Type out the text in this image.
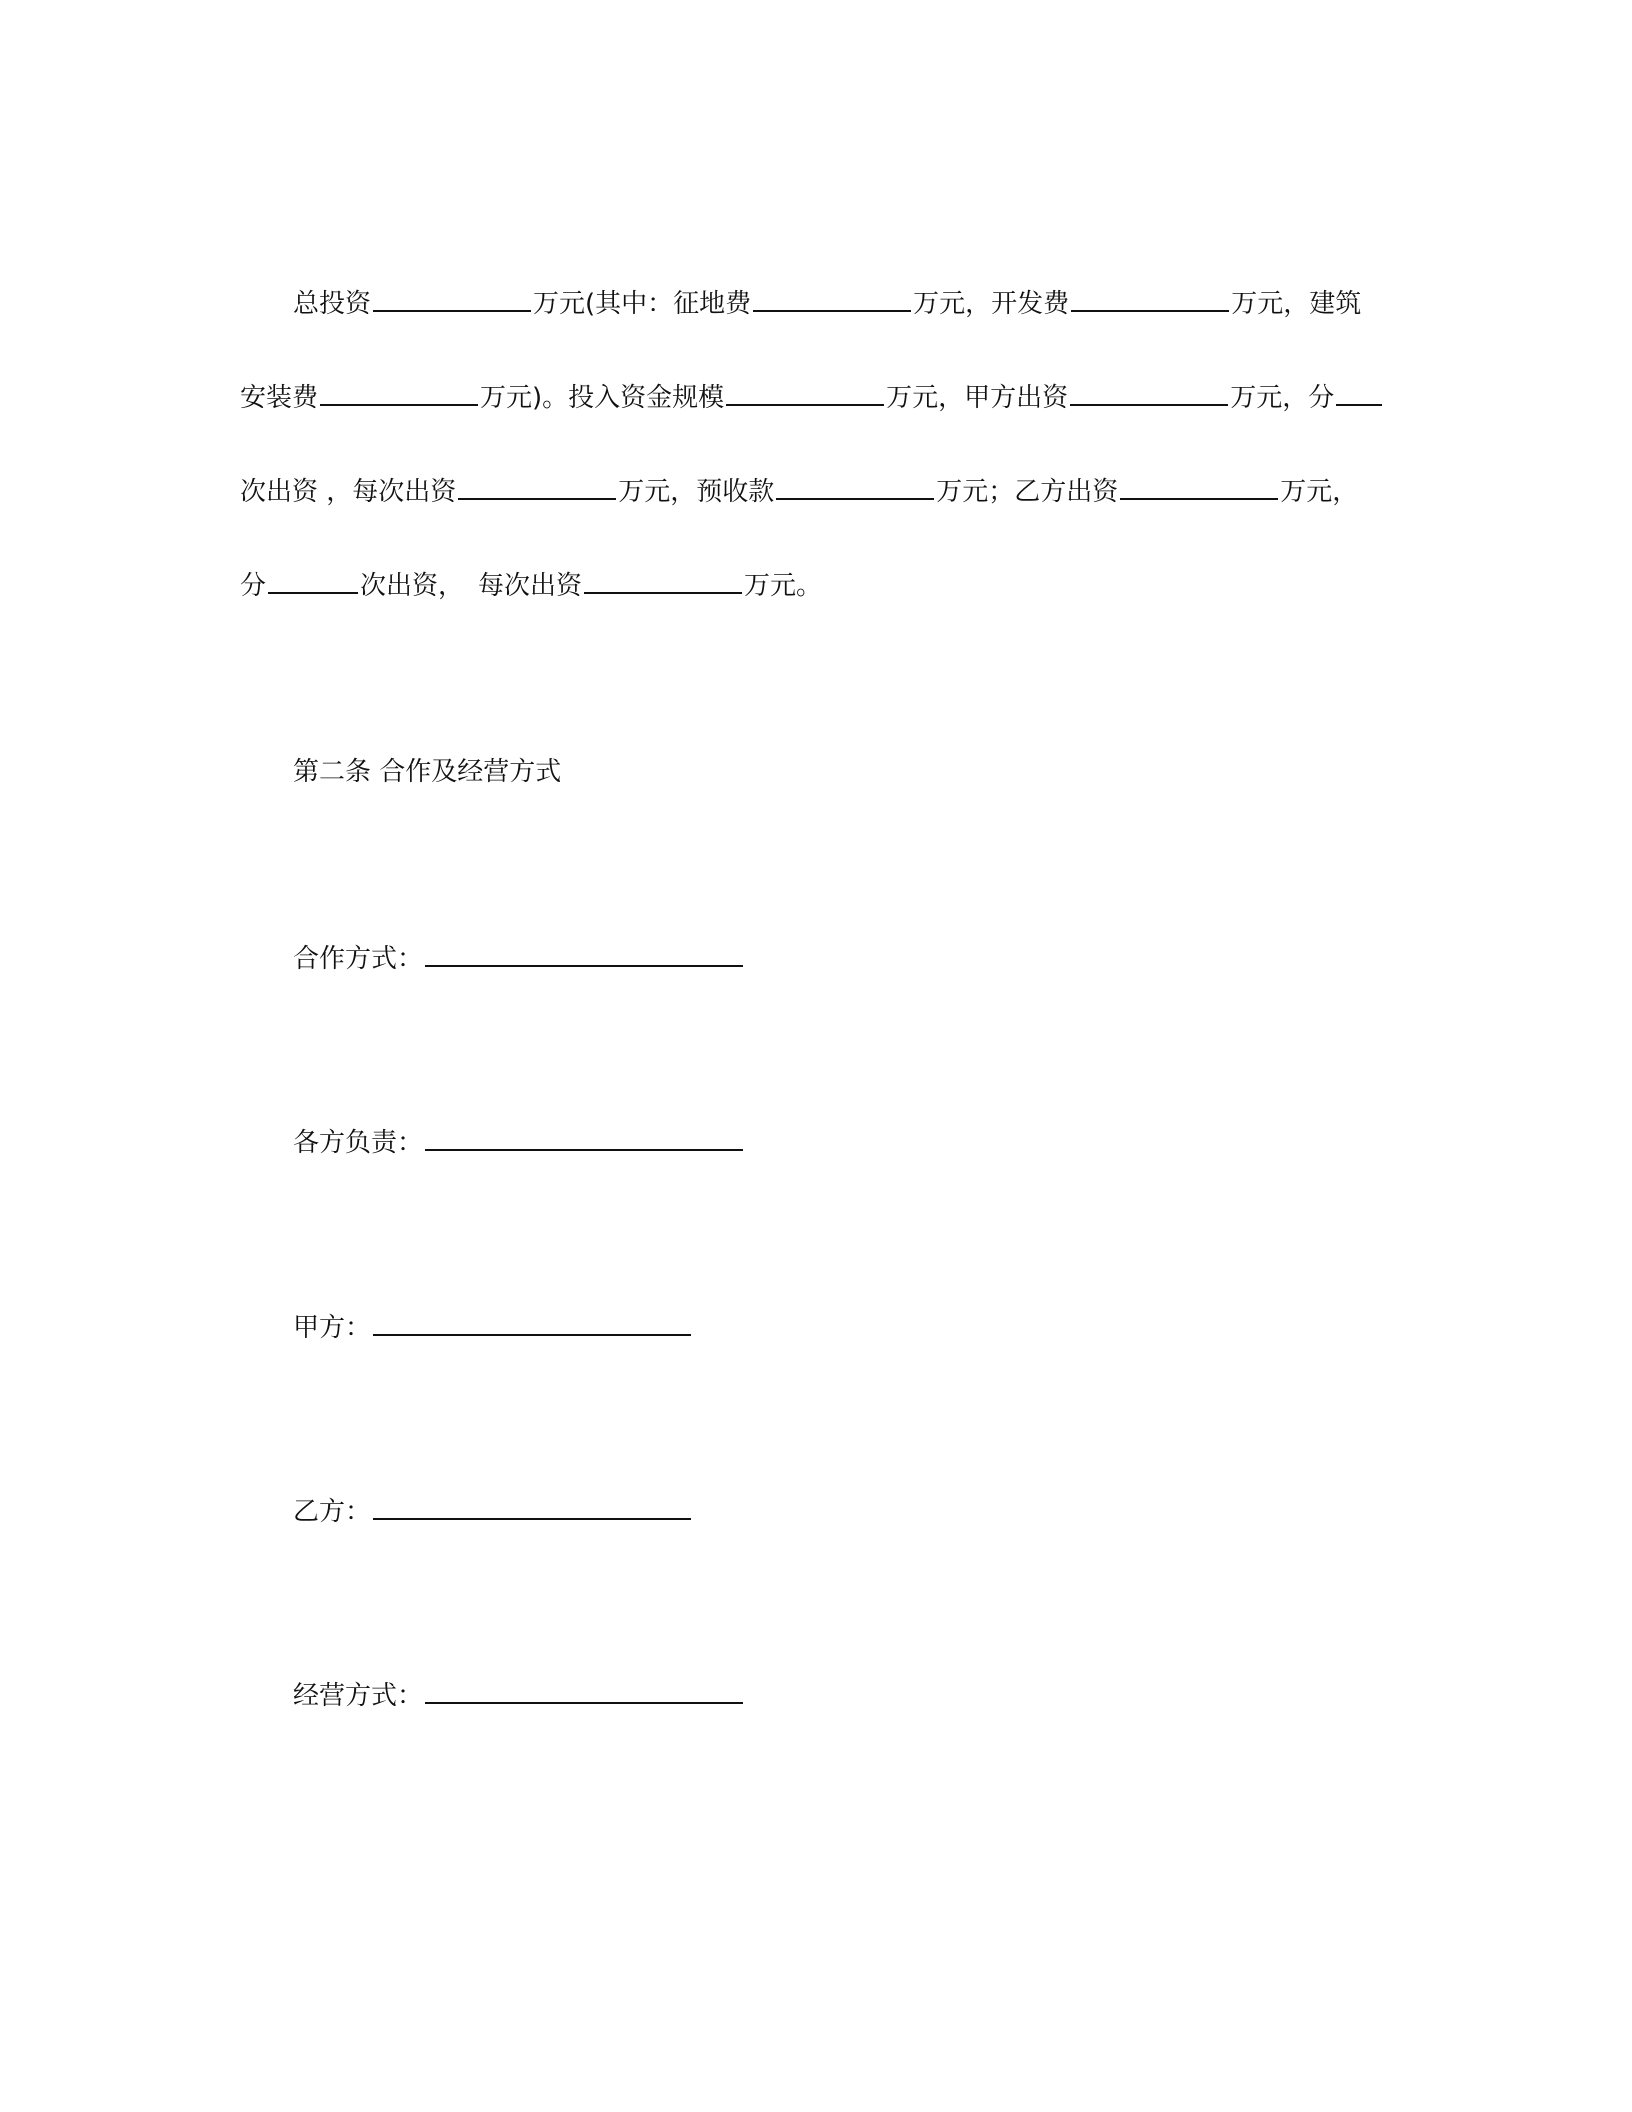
总投资	万元(其中：征地费	万元，开发费	万元，建筑
安装费	万元)。投入资金规模	万元，甲方出资	万元，分
次出资 ，每次出资	万元，预收款	万元；乙方出资	万元，
分	次出资， 每次出资	万元。
第二条 合作及经营方式
合作方式：
各方负责：
甲方：
乙方：
经营方式：
